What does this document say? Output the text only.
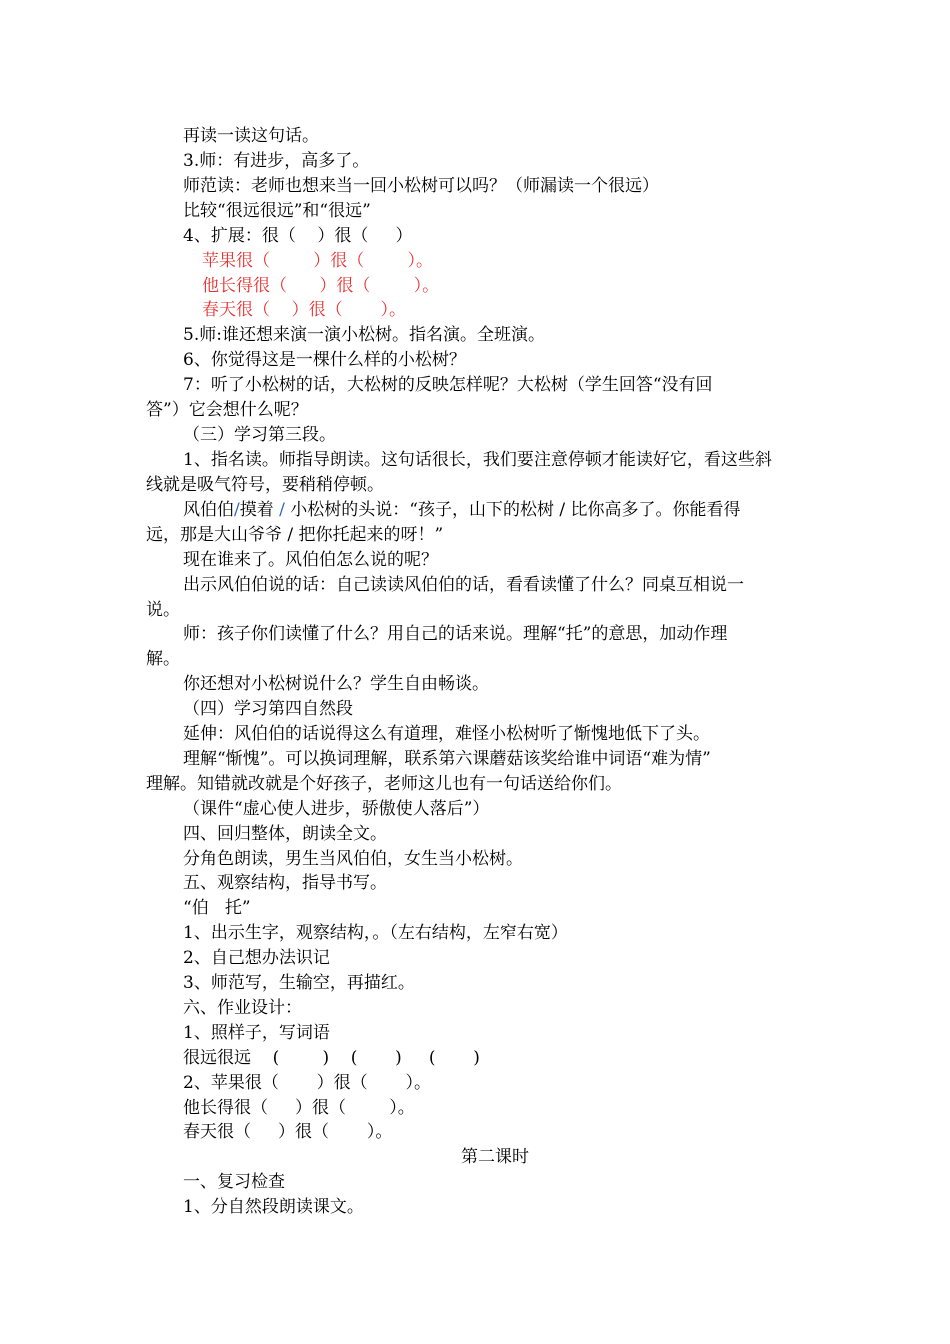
再读一读这句话。
3.师：有进步，高多了。
师范读：老师也想来当一回小松树可以吗？（师漏读一个很远）
比较“很远很远”和“很远”
4、扩展：很（    ）很（     ）
苹果很（        ）很（        ）。
他长得很（      ）很（        ）。
春天很（    ）很（       ）。
5.师:谁还想来演一演小松树。指名演。全班演。
6、你觉得这是一棵什么样的小松树？
7：听了小松树的话，大松树的反映怎样呢？大松树（学生回答“没有回
答”）它会想什么呢？
（三）学习第三段。
1、指名读。师指导朗读。这句话很长，我们要注意停顿才能读好它，看这些斜
线就是吸气符号，要稍稍停顿。
风伯伯/摸着 / 小松树的头说：“孩子，山下的松树 / 比你高多了。你能看得
远，那是大山爷爷 / 把你托起来的呀！”
现在谁来了。风伯伯怎么说的呢？
出示风伯伯说的话：自己读读风伯伯的话，看看读懂了什么？同桌互相说一
说。
师：孩子你们读懂了什么？用自己的话来说。理解“托”的意思，加动作理
解。
你还想对小松树说什么？学生自由畅谈。
（四）学习第四自然段
延伸：风伯伯的话说得这么有道理，难怪小松树听了惭愧地低下了头。
理解“惭愧”。可以换词理解，联系第六课蘑菇该奖给谁中词语“难为情”
理解。知错就改就是个好孩子，老师这儿也有一句话送给你们。
（课件“虚心使人进步，骄傲使人落后”）
四、回归整体，朗读全文。
分角色朗读，男生当风伯伯，女生当小松树。
五、观察结构，指导书写。
“伯   托”
1、出示生字，观察结构，。（左右结构，左窄右宽）
2、自己想办法识记
3、师范写，生输空，再描红。
六、作业设计：
1、照样子，写词语
很远很远    (        )    (       )     (       )
2、苹果很（       ）很（       ）。
他长得很（     ）很（        ）。
春天很（     ）很（       ）。
第二课时
一、复习检查
1、分自然段朗读课文。
